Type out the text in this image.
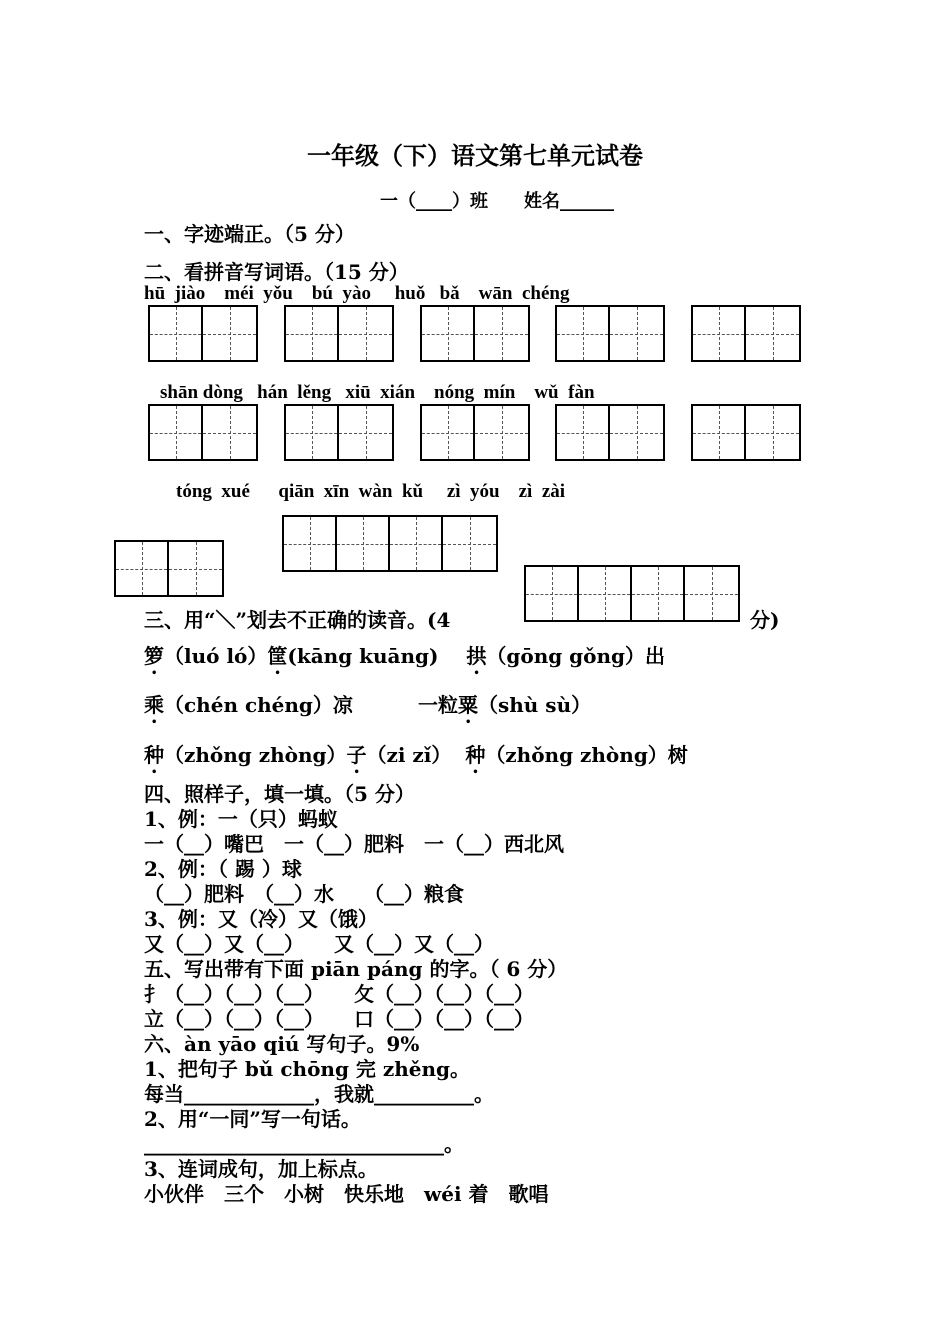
一年级（下）语文第七单元试卷
一（____）班　　姓名______
一、字迹端正。（5 分）
二、看拼音写词语。（15 分）
hū  jiào    méi  yǒu    bú  yào     huǒ   bǎ    wān  chéng
shān dòng   hán  lěng   xiū  xián    nóng  mín    wǔ  fàn
tóng  xué      qiān  xīn  wàn  kǔ     zì  yóu    zì  zài
三、用“＼”划去不正确的读音。(4	分)
箩（luó ló）筐(kāng kuāng) 拱（gōng gǒng）出
乘（chén chéng）凉	一粒粟（shù sù）
种（zhǒng zhòng）子（zi zǐ） 种（zhǒng zhòng）树
四、照样子，填一填。（5 分）
1、例：一（只）蚂蚁
一（__）嘴巴　一（__）肥料　一（__）西北风
2、例：（ 踢 ）球
（__）肥料　（__）水　　（__）粮食
3、例：又（冷）又（饿）
又（__）又（__）　　又（__）又（__）
五、写出带有下面 piān páng 的字。（ 6 分）
扌（__）（__）（__）　　攵（__）（__）（__）
立（__）（__）（__）　　口（__）（__）（__）
六、àn yāo qiú 写句子。9%
1、把句子 bǔ chōng 完 zhěng。
每当_____________，我就__________。
2、用“一同”写一句话。
______________________________。
3、连词成句，加上标点。
小伙伴　三个　小树　快乐地　wéi 着　歌唱
